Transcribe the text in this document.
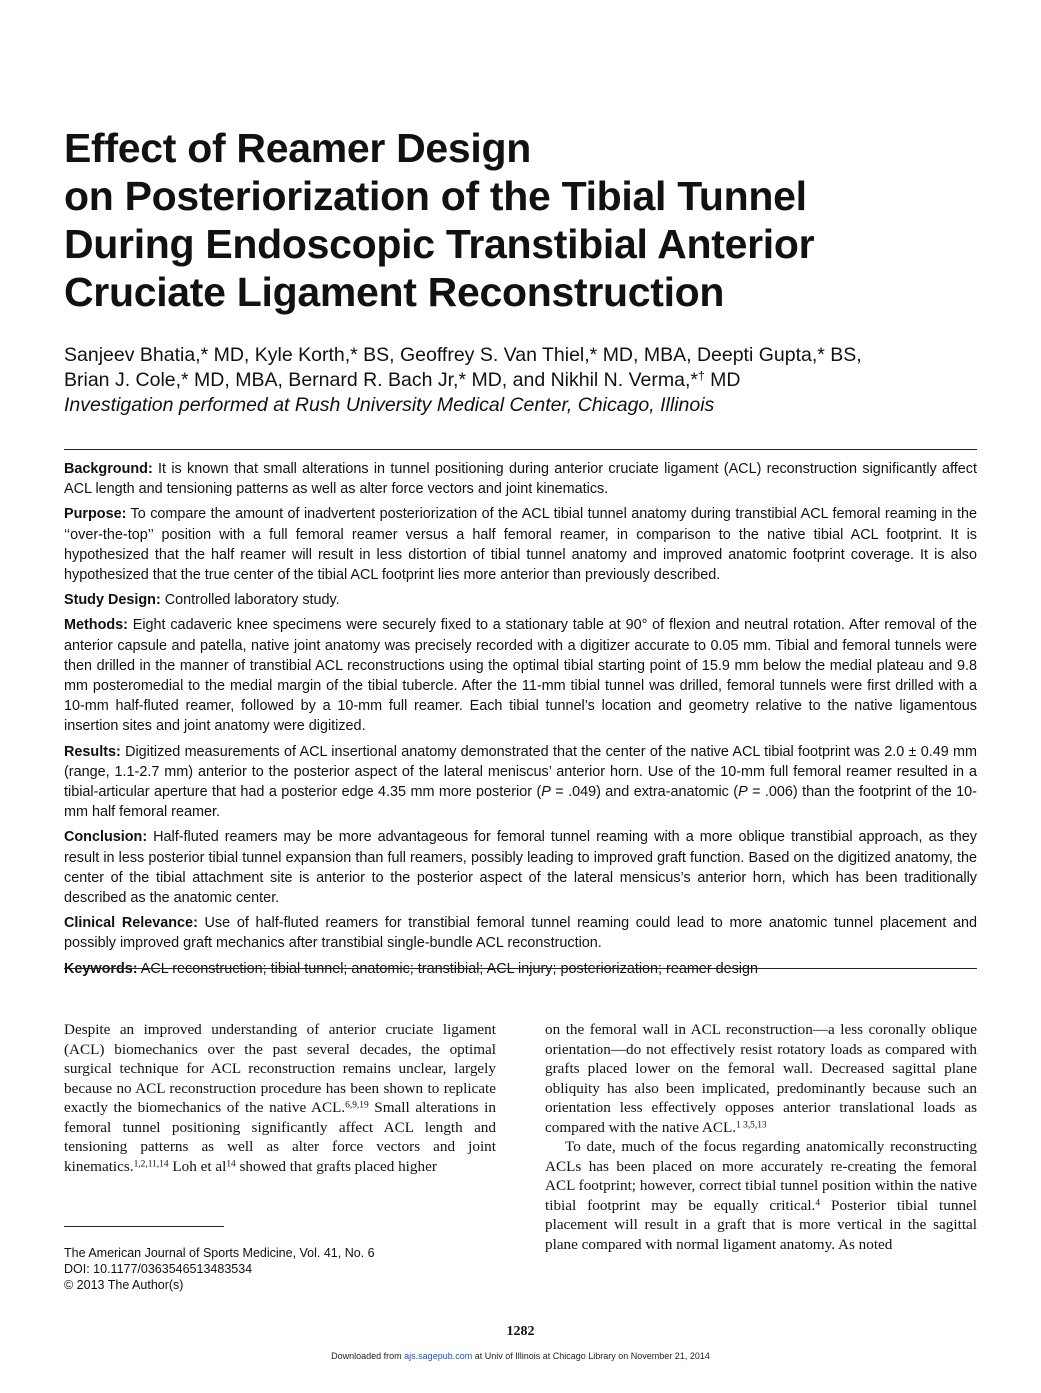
Effect of Reamer Design
on Posteriorization of the Tibial Tunnel
During Endoscopic Transtibial Anterior
Cruciate Ligament Reconstruction
Sanjeev Bhatia,* MD, Kyle Korth,* BS, Geoffrey S. Van Thiel,* MD, MBA, Deepti Gupta,* BS,
Brian J. Cole,* MD, MBA, Bernard R. Bach Jr,* MD, and Nikhil N. Verma,*† MD
Investigation performed at Rush University Medical Center, Chicago, Illinois

Background: It is known that small alterations in tunnel positioning during anterior cruciate ligament (ACL) reconstruction significantly affect ACL length and tensioning patterns as well as alter force vectors and joint kinematics.

Purpose: To compare the amount of inadvertent posteriorization of the ACL tibial tunnel anatomy during transtibial ACL femoral reaming in the ‘‘over-the-top’’ position with a full femoral reamer versus a half femoral reamer, in comparison to the native tibial ACL footprint. It is hypothesized that the half reamer will result in less distortion of tibial tunnel anatomy and improved anatomic footprint coverage. It is also hypothesized that the true center of the tibial ACL footprint lies more anterior than previously described.

Study Design: Controlled laboratory study.

Methods: Eight cadaveric knee specimens were securely fixed to a stationary table at 90° of flexion and neutral rotation. After removal of the anterior capsule and patella, native joint anatomy was precisely recorded with a digitizer accurate to 0.05 mm. Tibial and femoral tunnels were then drilled in the manner of transtibial ACL reconstructions using the optimal tibial starting point of 15.9 mm below the medial plateau and 9.8 mm posteromedial to the medial margin of the tibial tubercle. After the 11-mm tibial tunnel was drilled, femoral tunnels were first drilled with a 10-mm half-fluted reamer, followed by a 10-mm full reamer. Each tibial tunnel’s location and geometry relative to the native ligamentous insertion sites and joint anatomy were digitized.

Results: Digitized measurements of ACL insertional anatomy demonstrated that the center of the native ACL tibial footprint was 2.0 ± 0.49 mm (range, 1.1-2.7 mm) anterior to the posterior aspect of the lateral meniscus’ anterior horn. Use of the 10-mm full femoral reamer resulted in a tibial-articular aperture that had a posterior edge 4.35 mm more posterior (P = .049) and extra-anatomic (P = .006) than the footprint of the 10-mm half femoral reamer.

Conclusion: Half-fluted reamers may be more advantageous for femoral tunnel reaming with a more oblique transtibial approach, as they result in less posterior tibial tunnel expansion than full reamers, possibly leading to improved graft function. Based on the digitized anatomy, the center of the tibial attachment site is anterior to the posterior aspect of the lateral mensicus’s anterior horn, which has been traditionally described as the anatomic center.

Clinical Relevance: Use of half-fluted reamers for transtibial femoral tunnel reaming could lead to more anatomic tunnel placement and possibly improved graft mechanics after transtibial single-bundle ACL reconstruction.

Keywords: ACL reconstruction; tibial tunnel; anatomic; transtibial; ACL injury; posteriorization; reamer design

Despite an improved understanding of anterior cruciate ligament (ACL) biomechanics over the past several decades, the optimal surgical technique for ACL reconstruction remains unclear, largely because no ACL reconstruction procedure has been shown to replicate exactly the biomechanics of the native ACL.$^{6,9,19}$ Small alterations in femoral tunnel positioning significantly affect ACL length and tensioning patterns as well as alter force vectors and joint kinematics.$^{1,2,11,14}$ Loh et $al^{14}$ showed that grafts placed higher

on the femoral wall in ACL reconstruction—a less coronally oblique orientation—do not effectively resist rotatory loads as compared with grafts placed lower on the femoral wall. Decreased sagittal plane obliquity has also been implicated, predominantly because such an orientation less effectively opposes anterior translational loads as compared with the native ACL.$^{1 3,5,13}$

To date, much of the focus regarding anatomically reconstructing ACLs has been placed on more accurately re-creating the femoral ACL footprint; however, correct tibial tunnel position within the native tibial footprint may be equally critical.$^4$ Posterior tibial tunnel placement will result in a graft that is more vertical in the sagittal plane compared with normal ligament anatomy. As noted

The American Journal of Sports Medicine, Vol. 41, No. 6
DOI: 10.1177/0363546513483534
© 2013 The Author(s)
1282
Downloaded from ajs.sagepub.com at Univ of Illinois at Chicago Library on November 21, 2014
